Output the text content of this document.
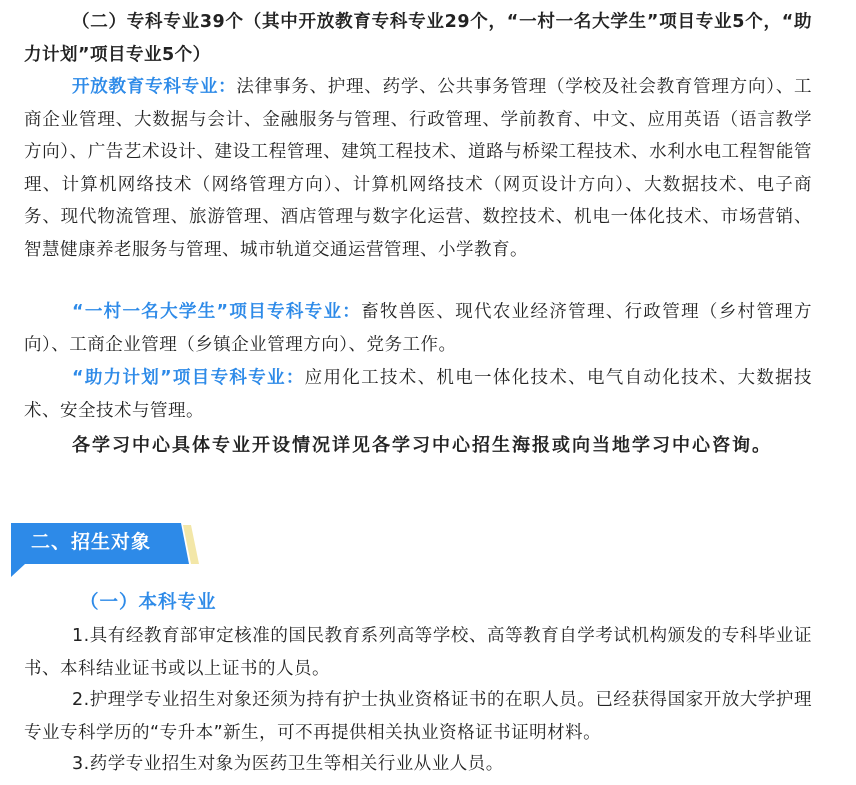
（二）专科专业39个（其中开放教育专科专业29个，“一村一名大学生”项目专业5个，“助力计划”项目专业5个）

开放教育专科专业：法律事务、护理、药学、公共事务管理（学校及社会教育管理方向）、工商企业管理、大数据与会计、金融服务与管理、行政管理、学前教育、中文、应用英语（语言教学方向）、广告艺术设计、建设工程管理、建筑工程技术、道路与桥梁工程技术、水利水电工程智能管理、计算机网络技术（网络管理方向）、计算机网络技术（网页设计方向）、大数据技术、电子商务、现代物流管理、旅游管理、酒店管理与数字化运营、数控技术、机电一体化技术、市场营销、智慧健康养老服务与管理、城市轨道交通运营管理、小学教育。

“一村一名大学生”项目专科专业：畜牧兽医、现代农业经济管理、行政管理（乡村管理方向）、工商企业管理（乡镇企业管理方向）、党务工作。

“助力计划”项目专科专业：应用化工技术、机电一体化技术、电气自动化技术、大数据技术、安全技术与管理。

各学习中心具体专业开设情况详见各学习中心招生海报或向当地学习中心咨询。

二、招生对象

（一）本科专业

1.具有经教育部审定核准的国民教育系列高等学校、高等教育自学考试机构颁发的专科毕业证书、本科结业证书或以上证书的人员。

2.护理学专业招生对象还须为持有护士执业资格证书的在职人员。已经获得国家开放大学护理专业专科学历的“专升本”新生，可不再提供相关执业资格证书证明材料。

3.药学专业招生对象为医药卫生等相关行业从业人员。
